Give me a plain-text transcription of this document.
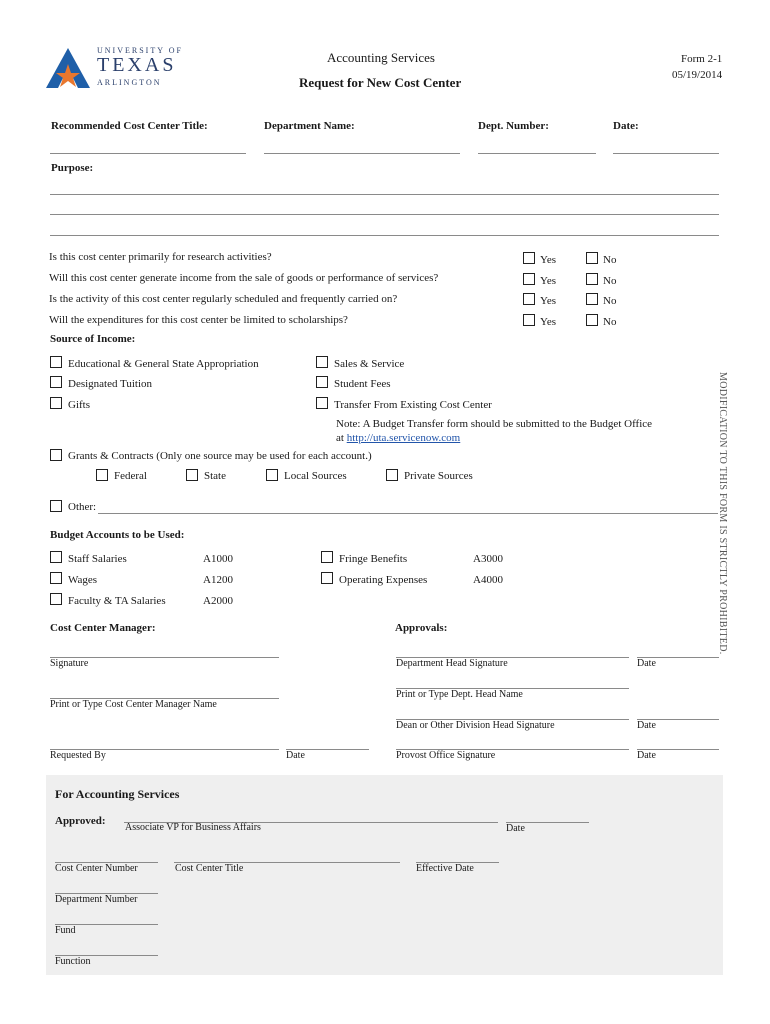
UNIVERSITY OF
TEXAS
ARLINGTON
Accounting Services
Request for New Cost Center
Form 2-1
05/19/2014
Recommended Cost Center Title:	Department Name:	Dept. Number:	Date:
Purpose:
Is this cost center primarily for research activities?	Yes	No
Will this cost center generate income from the sale of goods or performance of services?	Yes	No
Is the activity of this cost center regularly scheduled and frequently carried on?	Yes	No
Will the expenditures for this cost center be limited to scholarships?	Yes	No
Source of Income:
Educational & General State Appropriation
Designated Tuition
Gifts
Sales & Service
Student Fees
Transfer From Existing Cost Center
Note: A Budget Transfer form should be submitted to the Budget Office
at http://uta.servicenow.com
Grants & Contracts (Only one source may be used for each account.)
Federal	State	Local Sources	Private Sources
Other:
Budget Accounts to be Used:
Staff Salaries	A1000
Wages	A1200
Faculty & TA Salaries	A2000
Fringe Benefits	A3000
Operating Expenses	A4000
Cost Center Manager:	Approvals:
Signature
Print or Type Cost Center Manager Name
Requested By	Date
Department Head Signature	Date
Print or Type Dept. Head Name
Dean or Other Division Head Signature	Date
Provost Office Signature	Date
For Accounting Services
Approved:
Associate VP for Business Affairs	Date
Cost Center Number	Cost Center Title	Effective Date
Department Number
Fund
Function
MODIFICATION TO THIS FORM IS STRICTLY PROHIBITED.
